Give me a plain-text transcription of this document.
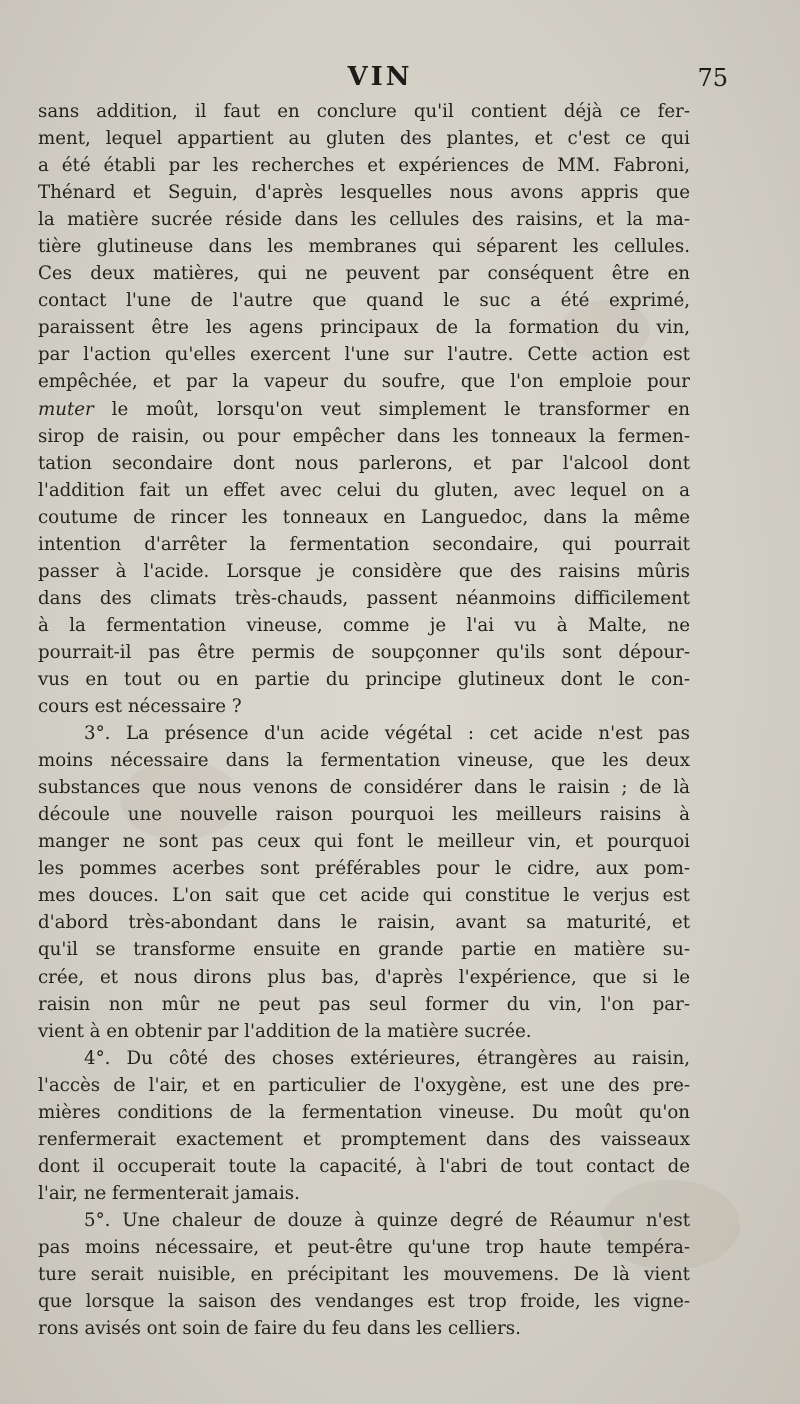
VIN	75
sans addition, il faut en conclure qu'il contient déjà ce fer-
ment, lequel appartient au gluten des plantes, et c'est ce qui
a été établi par les recherches et expériences de MM. Fabroni,
Thénard et Seguin, d'après lesquelles nous avons appris que
la matière sucrée réside dans les cellules des raisins, et la ma-
tière glutineuse dans les membranes qui séparent les cellules.
Ces deux matières, qui ne peuvent par conséquent être en
contact l'une de l'autre que quand le suc a été exprimé,
paraissent être les agens principaux de la formation du vin,
par l'action qu'elles exercent l'une sur l'autre. Cette action est
empêchée, et par la vapeur du soufre, que l'on emploie pour
muter le moût, lorsqu'on veut simplement le transformer en
sirop de raisin, ou pour empêcher dans les tonneaux la fermen-
tation secondaire dont nous parlerons, et par l'alcool dont
l'addition fait un effet avec celui du gluten, avec lequel on a
coutume de rincer les tonneaux en Languedoc, dans la même
intention d'arrêter la fermentation secondaire, qui pourrait
passer à l'acide. Lorsque je considère que des raisins mûris
dans des climats très-chauds, passent néanmoins difficilement
à la fermentation vineuse, comme je l'ai vu à Malte, ne
pourrait-il pas être permis de soupçonner qu'ils sont dépour-
vus en tout ou en partie du principe glutineux dont le con-
cours est nécessaire ?
3°. La présence d'un acide végétal : cet acide n'est pas
moins nécessaire dans la fermentation vineuse, que les deux
substances que nous venons de considérer dans le raisin ; de là
découle une nouvelle raison pourquoi les meilleurs raisins à
manger ne sont pas ceux qui font le meilleur vin, et pourquoi
les pommes acerbes sont préférables pour le cidre, aux pom-
mes douces. L'on sait que cet acide qui constitue le verjus est
d'abord très-abondant dans le raisin, avant sa maturité, et
qu'il se transforme ensuite en grande partie en matière su-
crée, et nous dirons plus bas, d'après l'expérience, que si le
raisin non mûr ne peut pas seul former du vin, l'on par-
vient à en obtenir par l'addition de la matière sucrée.
4°. Du côté des choses extérieures, étrangères au raisin,
l'accès de l'air, et en particulier de l'oxygène, est une des pre-
mières conditions de la fermentation vineuse. Du moût qu'on
renfermerait exactement et promptement dans des vaisseaux
dont il occuperait toute la capacité, à l'abri de tout contact de
l'air, ne fermenterait jamais.
5°. Une chaleur de douze à quinze degré de Réaumur n'est
pas moins nécessaire, et peut-être qu'une trop haute tempéra-
ture serait nuisible, en précipitant les mouvemens. De là vient
que lorsque la saison des vendanges est trop froide, les vigne-
rons avisés ont soin de faire du feu dans les celliers.
